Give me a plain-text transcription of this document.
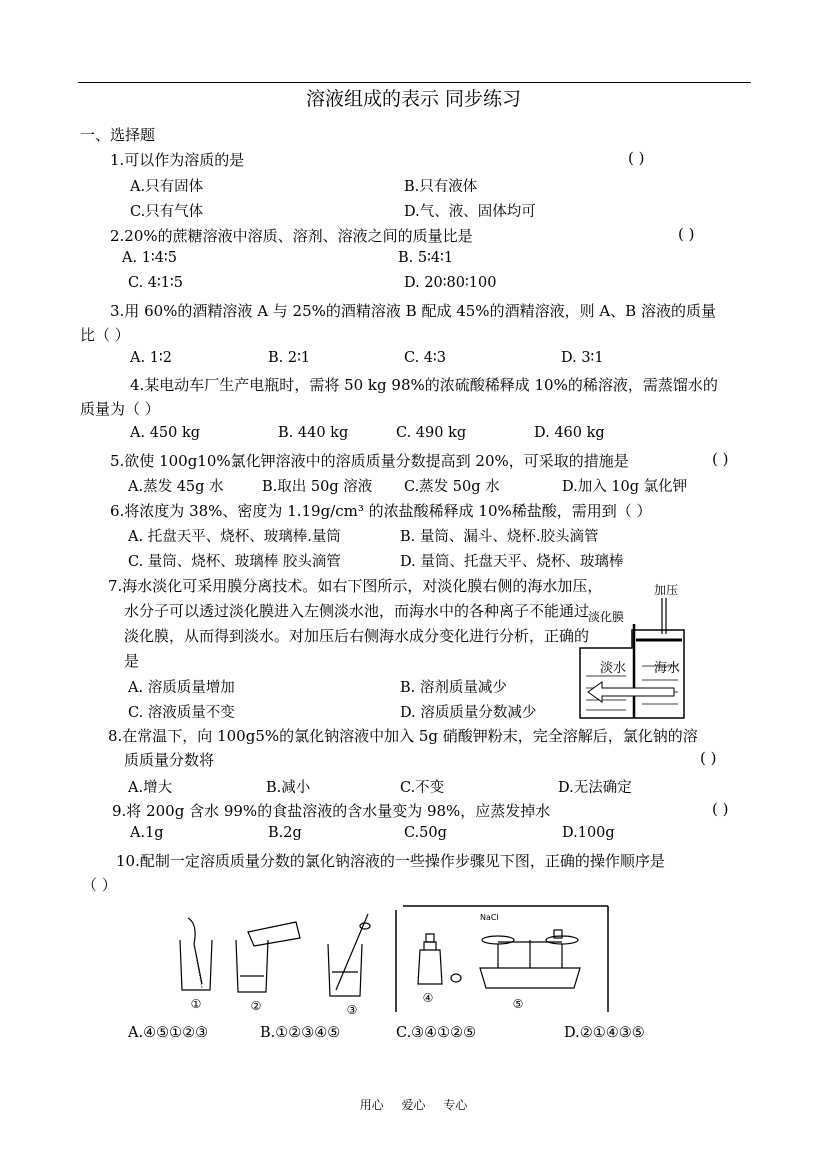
溶液组成的表示 同步练习
一、选择题
1.可以作为溶质的是	( )
A.只有固体	B.只有液体
C.只有气体	D.气、液、固体均可
2.20%的蔗糖溶液中溶质、溶剂、溶液之间的质量比是	( )
A. 1∶4∶5	B. 5∶4∶1
C. 4∶1∶5	D. 20∶80∶100
3.用 60%的酒精溶液 A 与 25%的酒精溶液 B 配成 45%的酒精溶液，则 A、B 溶液的质量
比（ ）
A. 1∶2	B. 2∶1	C. 4∶3	D. 3∶1
4.某电动车厂生产电瓶时，需将 50 kg 98%的浓硫酸稀释成 10%的稀溶液，需蒸馏水的
质量为（ ）
A. 450 kg	B. 440 kg	C. 490 kg	D. 460 kg
5.欲使 100g10%氯化钾溶液中的溶质质量分数提高到 20%，可采取的措施是	( )
A.蒸发 45g 水	B.取出 50g 溶液 C.蒸发 50g 水	D.加入 10g 氯化钾
6.将浓度为 38%、密度为 1.19g/cm³ 的浓盐酸稀释成 10%稀盐酸，需用到（ ）
A. 托盘天平、烧杯、玻璃棒.量筒	B. 量筒、漏斗、烧杯.胶头滴管
C. 量筒、烧杯、玻璃棒 胶头滴管	D. 量筒、托盘天平、烧杯、玻璃棒
7.海水淡化可采用膜分离技术。如右下图所示，对淡化膜右侧的海水加压，
水分子可以透过淡化膜进入左侧淡水池，而海水中的各种离子不能通过
淡化膜，从而得到淡水。对加压后右侧海水成分变化进行分析，正确的
是
A. 溶质质量增加	B. 溶剂质量减少
C. 溶液质量不变	D. 溶质质量分数减少
加压
淡化膜
淡水 海水
8.在常温下，向 100g5%的氯化钠溶液中加入 5g 硝酸钾粉末，完全溶解后，氯化钠的溶
质质量分数将	( )
A.增大	B.减小	C.不变	D.无法确定
9.将 200g 含水 99%的食盐溶液的含水量变为 98%，应蒸发掉水	( )
A.1g	B.2g	C.50g	D.100g
10.配制一定溶质质量分数的氯化钠溶液的一些操作步骤见下图，正确的操作顺序是
（ ）
①	②	③
④
NaCl
⑤
A.④⑤①②③	B.①②③④⑤	C.③④①②⑤	D.②①④③⑤
用心 爱心 专心
